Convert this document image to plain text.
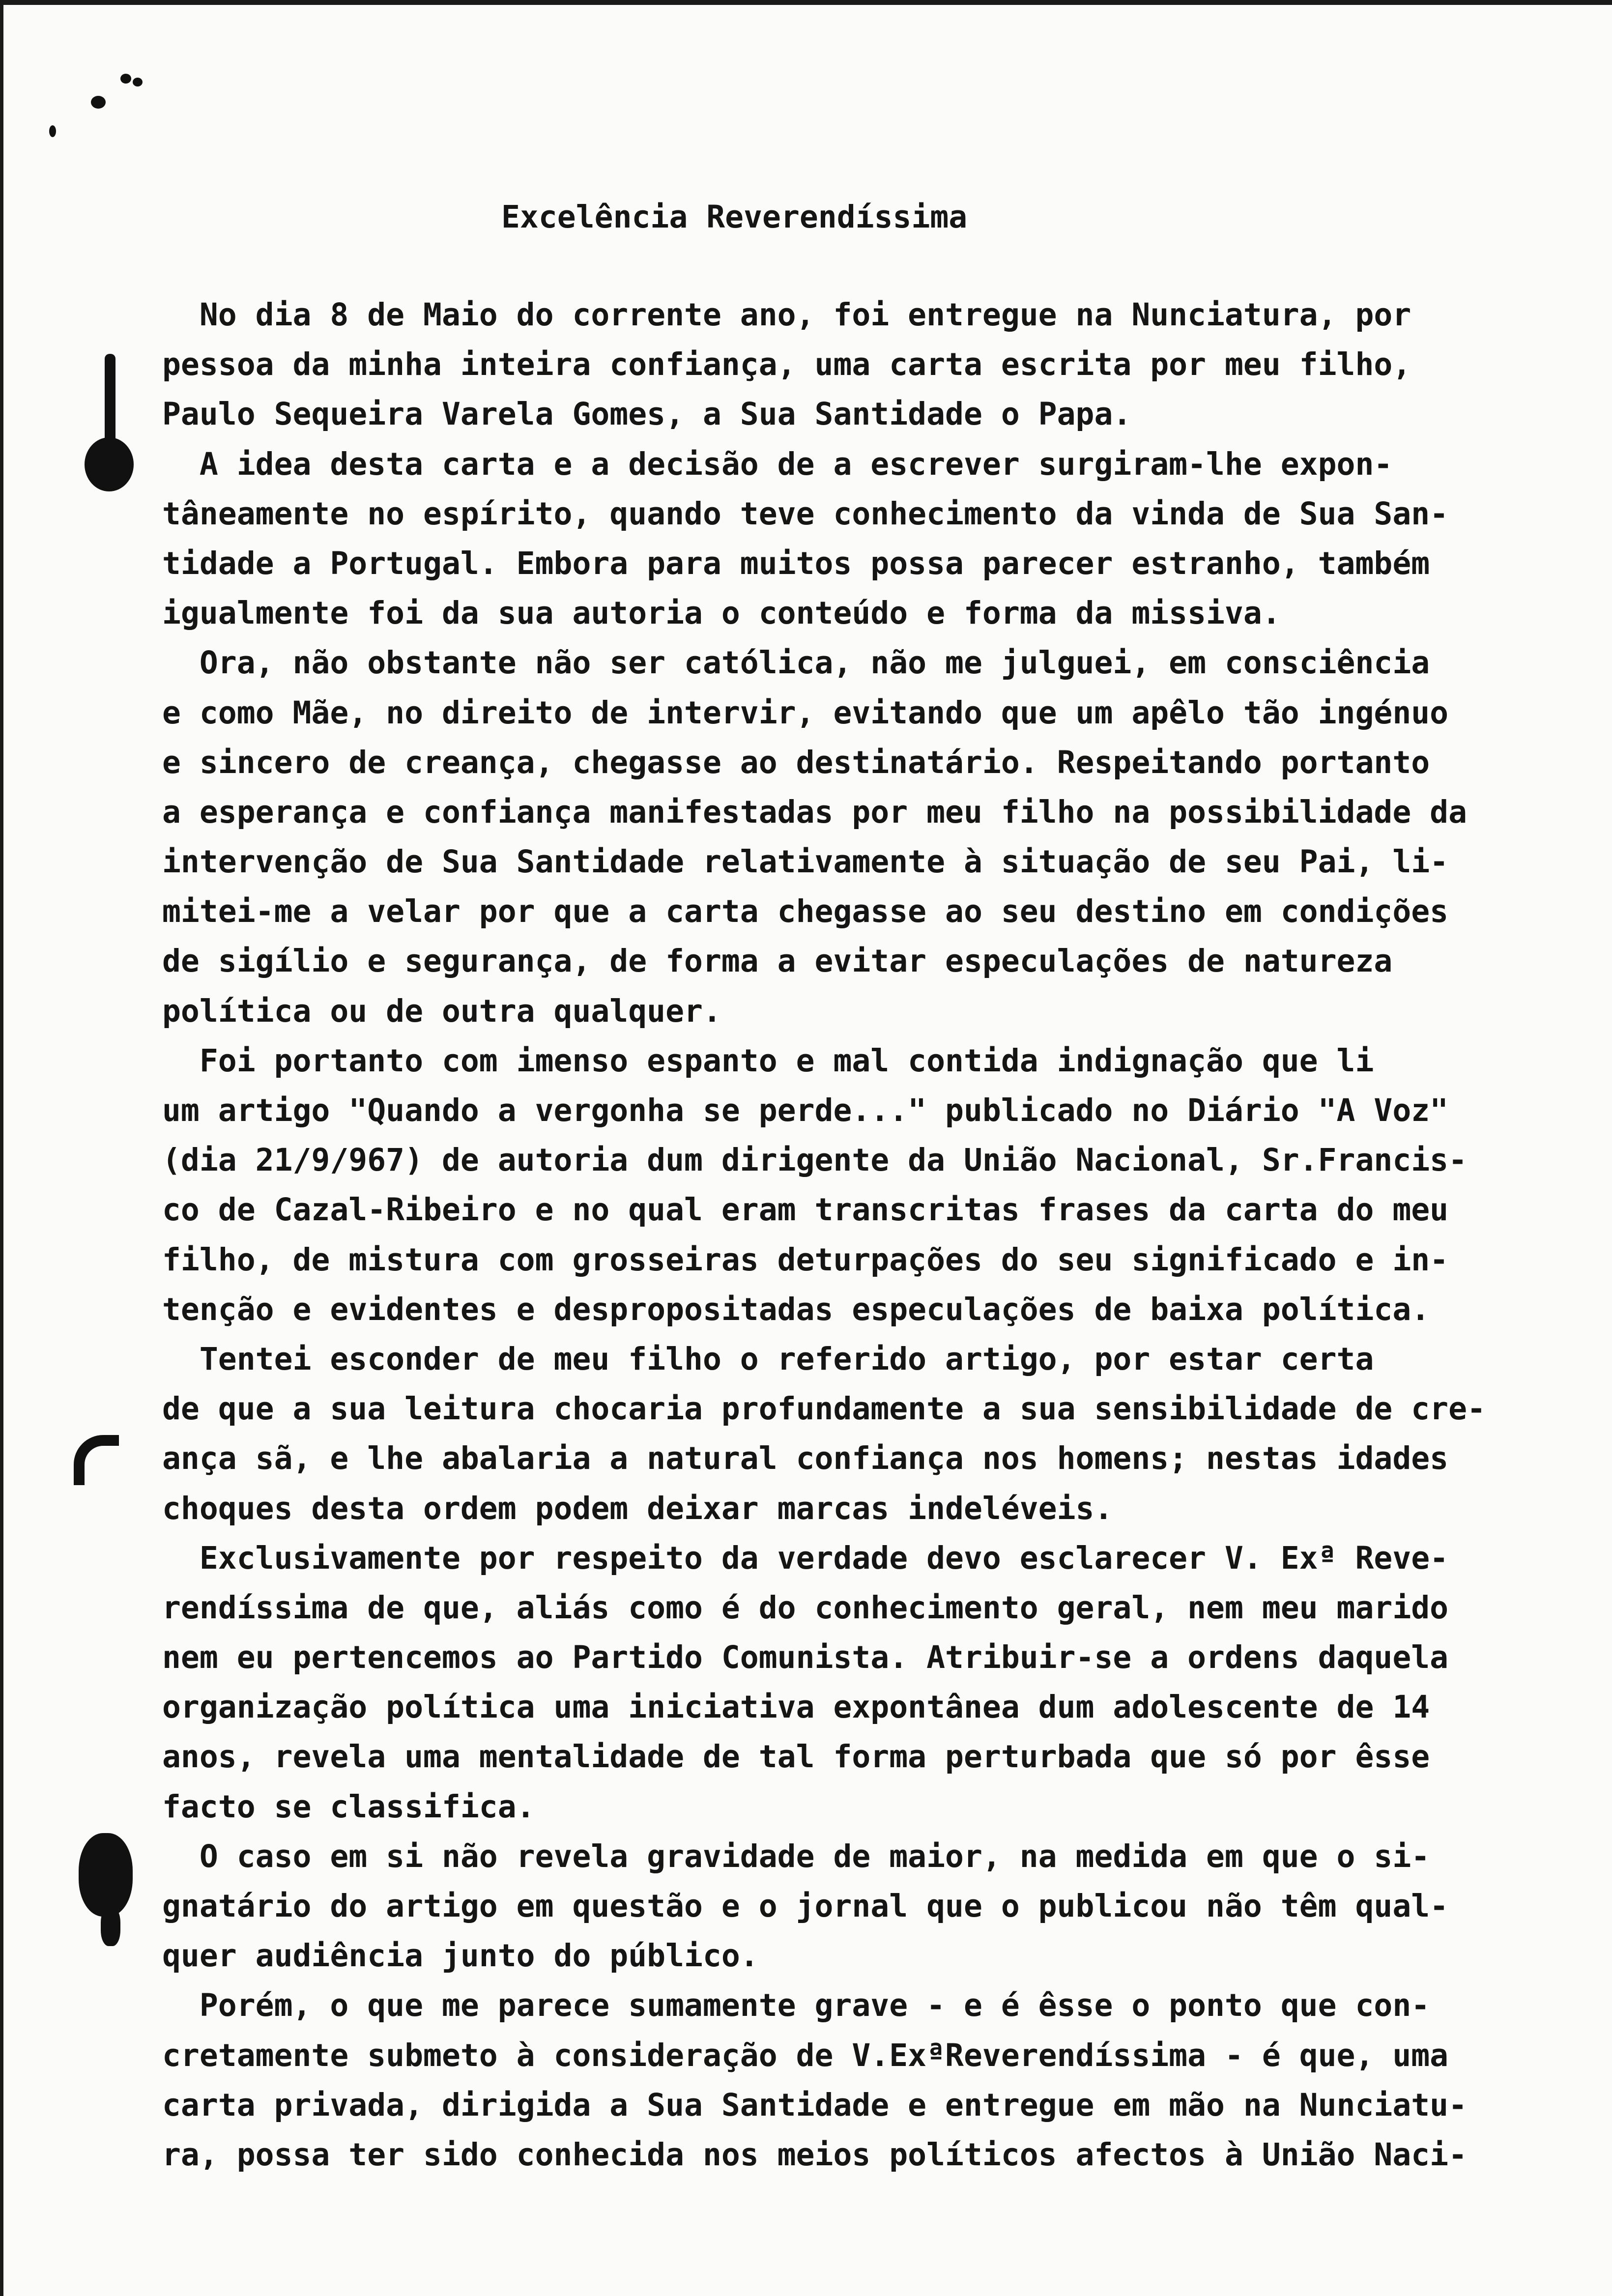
Excelência Reverendíssima
No dia 8 de Maio do corrente ano, foi entregue na Nunciatura, por
pessoa da minha inteira confiança, uma carta escrita por meu filho,
Paulo Sequeira Varela Gomes, a Sua Santidade o Papa.
A idea desta carta e a decisão de a escrever surgiram-lhe expon-
tâneamente no espírito, quando teve conhecimento da vinda de Sua San-
tidade a Portugal. Embora para muitos possa parecer estranho, também
igualmente foi da sua autoria o conteúdo e forma da missiva.
Ora, não obstante não ser católica, não me julguei, em consciência
e como Mãe, no direito de intervir, evitando que um apêlo tão ingénuo
e sincero de creança, chegasse ao destinatário. Respeitando portanto
a esperança e confiança manifestadas por meu filho na possibilidade da
intervenção de Sua Santidade relativamente à situação de seu Pai, li-
mitei-me a velar por que a carta chegasse ao seu destino em condições
de sigílio e segurança, de forma a evitar especulações de natureza
política ou de outra qualquer.
Foi portanto com imenso espanto e mal contida indignação que li
um artigo "Quando a vergonha se perde..." publicado no Diário "A Voz"
(dia 21/9/967) de autoria dum dirigente da União Nacional, Sr.Francis-
co de Cazal-Ribeiro e no qual eram transcritas frases da carta do meu
filho, de mistura com grosseiras deturpações do seu significado e in-
tenção e evidentes e despropositadas especulações de baixa política.
Tentei esconder de meu filho o referido artigo, por estar certa
de que a sua leitura chocaria profundamente a sua sensibilidade de cre-
ança sã, e lhe abalaria a natural confiança nos homens; nestas idades
choques desta ordem podem deixar marcas indeléveis.
Exclusivamente por respeito da verdade devo esclarecer V. Exª Reve-
rendíssima de que, aliás como é do conhecimento geral, nem meu marido
nem eu pertencemos ao Partido Comunista. Atribuir-se a ordens daquela
organização política uma iniciativa expontânea dum adolescente de 14
anos, revela uma mentalidade de tal forma perturbada que só por êsse
facto se classifica.
O caso em si não revela gravidade de maior, na medida em que o si-
gnatário do artigo em questão e o jornal que o publicou não têm qual-
quer audiência junto do público.
Porém, o que me parece sumamente grave - e é êsse o ponto que con-
cretamente submeto à consideração de V.ExªReverendíssima - é que, uma
carta privada, dirigida a Sua Santidade e entregue em mão na Nunciatu-
ra, possa ter sido conhecida nos meios políticos afectos à União Naci-
